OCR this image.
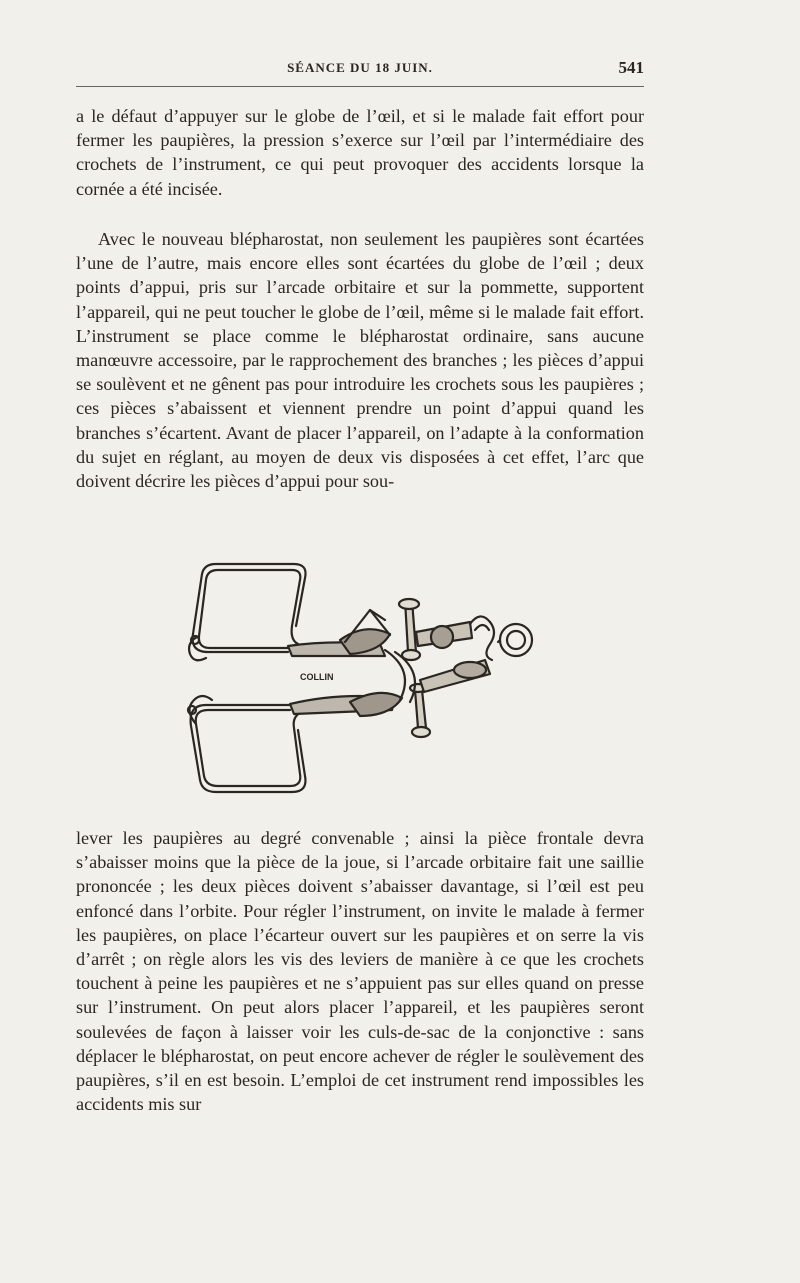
SÉANCE DU 18 JUIN.	541

a le défaut d’appuyer sur le globe de l’œil, et si le malade fait effort pour fermer les paupières, la pression s’exerce sur l’œil par l’intermédiaire des crochets de l’instrument, ce qui peut provoquer des accidents lorsque la cornée a été incisée.

Avec le nouveau blépharostat, non seulement les paupières sont écartées l’une de l’autre, mais encore elles sont écartées du globe de l’œil ; deux points d’appui, pris sur l’arcade orbitaire et sur la pommette, supportent l’appareil, qui ne peut toucher le globe de l’œil, même si le malade fait effort. L’instrument se place comme le blépharostat ordinaire, sans aucune manœuvre accessoire, par le rapprochement des branches ; les pièces d’appui se soulèvent et ne gênent pas pour introduire les crochets sous les paupières ; ces pièces s’abaissent et viennent prendre un point d’appui quand les branches s’écartent. Avant de placer l’appareil, on l’adapte à la conformation du sujet en réglant, au moyen de deux vis disposées à cet effet, l’arc que doivent décrire les pièces d’appui pour sou-

COLLIN

lever les paupières au degré convenable ; ainsi la pièce frontale devra s’abaisser moins que la pièce de la joue, si l’arcade orbitaire fait une saillie prononcée ; les deux pièces doivent s’abaisser davantage, si l’œil est peu enfoncé dans l’orbite. Pour régler l’instrument, on invite le malade à fermer les paupières, on place l’écarteur ouvert sur les paupières et on serre la vis d’arrêt ; on règle alors les vis des leviers de manière à ce que les crochets touchent à peine les paupières et ne s’appuient pas sur elles quand on presse sur l’instrument. On peut alors placer l’appareil, et les paupières seront soulevées de façon à laisser voir les culs-de-sac de la conjonctive : sans déplacer le blépharostat, on peut encore achever de régler le soulèvement des paupières, s’il en est besoin. L’emploi de cet instrument rend impossibles les accidents mis sur
